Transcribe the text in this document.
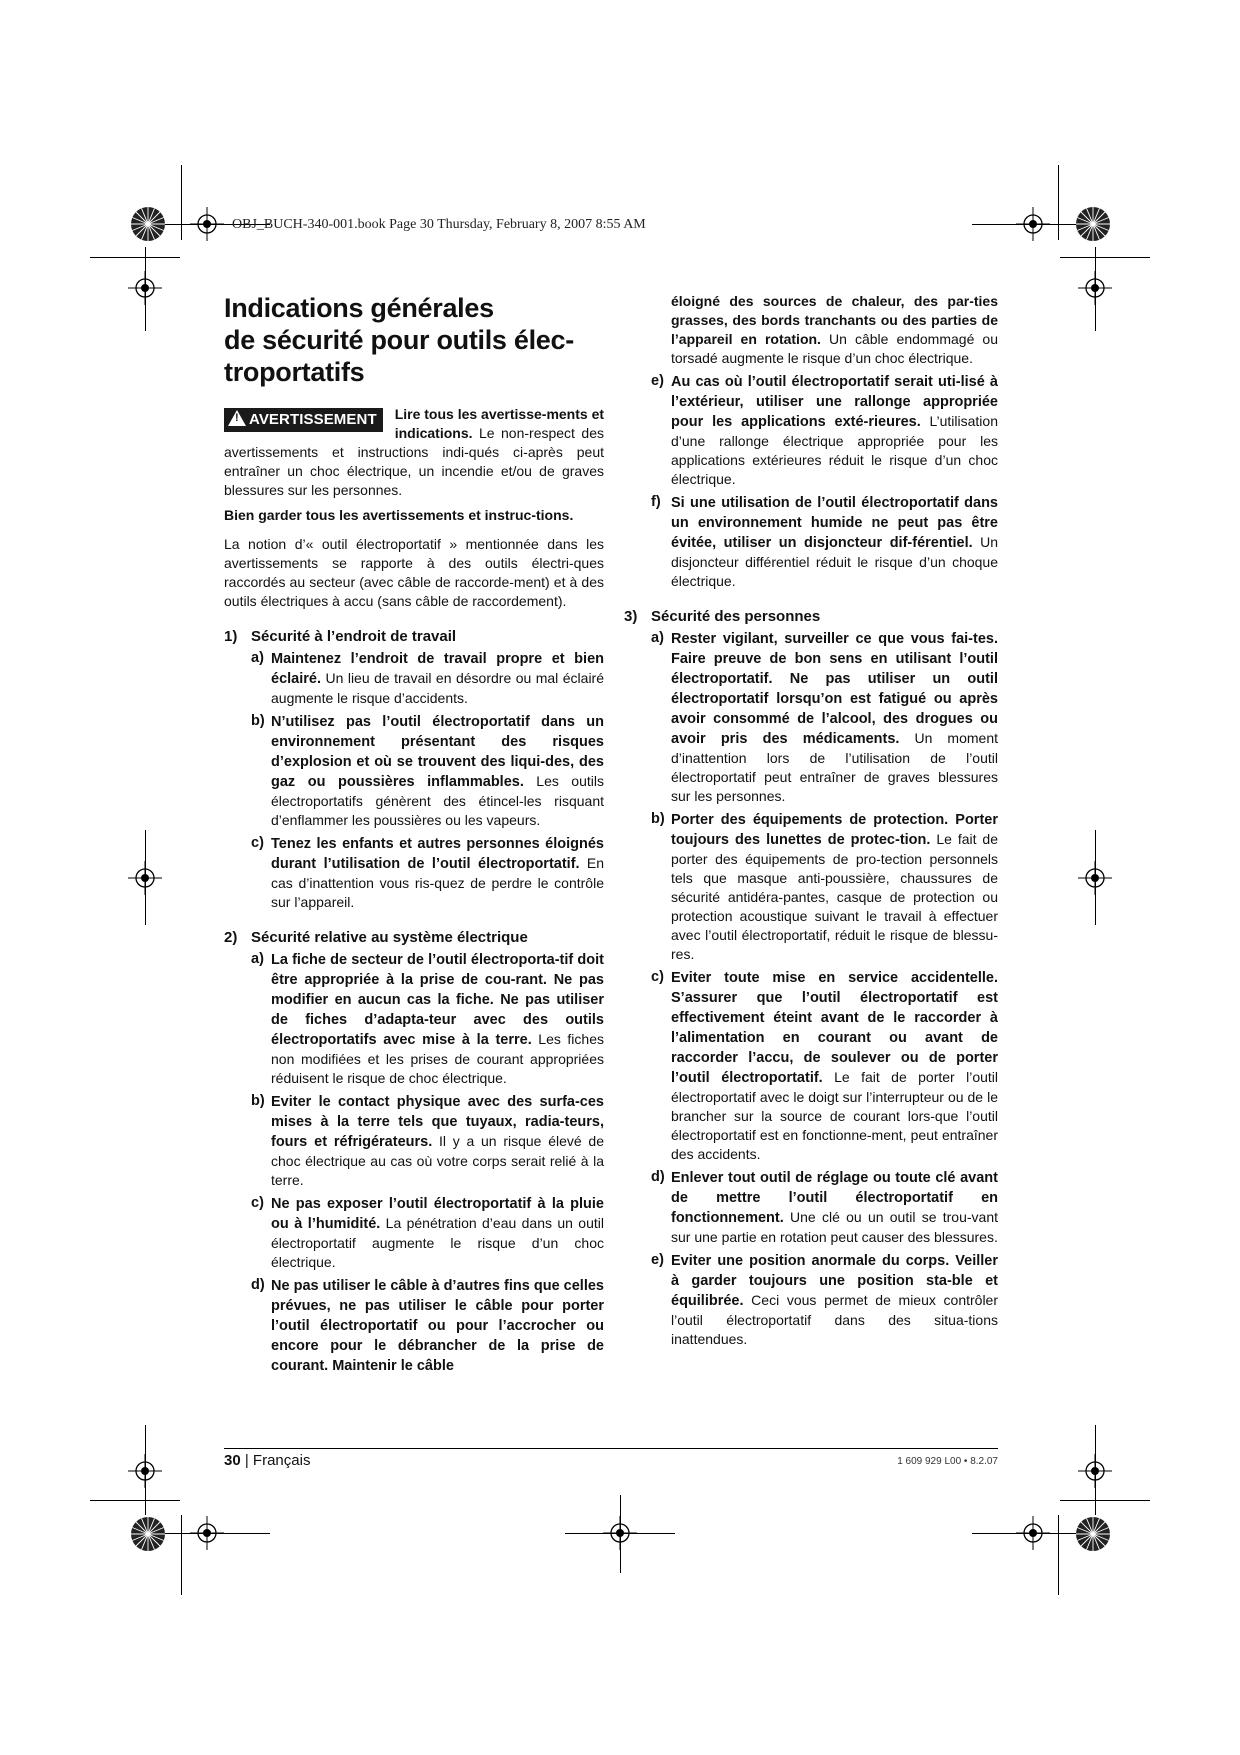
OBJ_BUCH-340-001.book Page 30 Thursday, February 8, 2007 8:55 AM
Indications générales
de sécurité pour outils élec-
troportatifs
!AVERTISSEMENT	Lire tous les avertisse-ments et indications. Le non-respect des avertissements et instructions indi-qués ci-après peut entraîner un choc électrique, un incendie et/ou de graves blessures sur les personnes.

Bien garder tous les avertissements et instruc-tions.

La notion d’« outil électroportatif » mentionnée dans les avertissements se rapporte à des outils électri-ques raccordés au secteur (avec câble de raccorde-ment) et à des outils électriques à accu (sans câble de raccordement).

1) Sécurité à l’endroit de travail
a) Maintenez l’endroit de travail propre et bien éclairé. Un lieu de travail en désordre ou mal éclairé augmente le risque d’accidents.
b) N’utilisez pas l’outil électroportatif dans un environnement présentant des risques d’explosion et où se trouvent des liqui-des, des gaz ou poussières inflammables. Les outils électroportatifs génèrent des étincel-les risquant d’enflammer les poussières ou les vapeurs.
c) Tenez les enfants et autres personnes éloignés durant l’utilisation de l’outil électroportatif. En cas d’inattention vous ris-quez de perdre le contrôle sur l’appareil.
2) Sécurité relative au système électrique
a) La fiche de secteur de l’outil électroporta-tif doit être appropriée à la prise de cou-rant. Ne pas modifier en aucun cas la fiche. Ne pas utiliser de fiches d’adapta-teur avec des outils électroportatifs avec mise à la terre. Les fiches non modifiées et les prises de courant appropriées réduisent le risque de choc électrique.
b) Eviter le contact physique avec des surfa-ces mises à la terre tels que tuyaux, radia-teurs, fours et réfrigérateurs. Il y a un risque élevé de choc électrique au cas où votre corps serait relié à la terre.
c) Ne pas exposer l’outil électroportatif à la pluie ou à l’humidité. La pénétration d’eau dans un outil électroportatif augmente le risque d’un choc électrique.
d) Ne pas utiliser le câble à d’autres fins que celles prévues, ne pas utiliser le câble pour porter l’outil électroportatif ou pour l’accrocher ou encore pour le débrancher de la prise de courant. Maintenir le câble
éloigné des sources de chaleur, des par-ties grasses, des bords tranchants ou des parties de l’appareil en rotation. Un câble endommagé ou torsadé augmente le risque d’un choc électrique.
e) Au cas où l’outil électroportatif serait uti-lisé à l’extérieur, utiliser une rallonge appropriée pour les applications exté-rieures. L’utilisation d’une rallonge électrique appropriée pour les applications extérieures réduit le risque d’un choc électrique.
f) Si une utilisation de l’outil électroportatif dans un environnement humide ne peut pas être évitée, utiliser un disjoncteur dif-férentiel. Un disjoncteur différentiel réduit le risque d’un choque électrique.
3) Sécurité des personnes
a) Rester vigilant, surveiller ce que vous fai-tes. Faire preuve de bon sens en utilisant l’outil électroportatif. Ne pas utiliser un outil électroportatif lorsqu’on est fatigué ou après avoir consommé de l’alcool, des drogues ou avoir pris des médicaments. Un moment d’inattention lors de l’utilisation de l’outil électroportatif peut entraîner de graves blessures sur les personnes.
b) Porter des équipements de protection. Porter toujours des lunettes de protec-tion. Le fait de porter des équipements de pro-tection personnels tels que masque anti-poussière, chaussures de sécurité antidéra-pantes, casque de protection ou protection acoustique suivant le travail à effectuer avec l’outil électroportatif, réduit le risque de blessu-res.
c) Eviter toute mise en service accidentelle. S’assurer que l’outil électroportatif est effectivement éteint avant de le raccorder à l’alimentation en courant ou avant de raccorder l’accu, de soulever ou de porter l’outil électroportatif. Le fait de porter l’outil électroportatif avec le doigt sur l’interrupteur ou de le brancher sur la source de courant lors-que l’outil électroportatif est en fonctionne-ment, peut entraîner des accidents.
d) Enlever tout outil de réglage ou toute clé avant de mettre l’outil électroportatif en fonctionnement. Une clé ou un outil se trou-vant sur une partie en rotation peut causer des blessures.
e) Eviter une position anormale du corps. Veiller à garder toujours une position sta-ble et équilibrée. Ceci vous permet de mieux contrôler l’outil électroportatif dans des situa-tions inattendues.
30 | Français	1 609 929 L00 • 8.2.07
